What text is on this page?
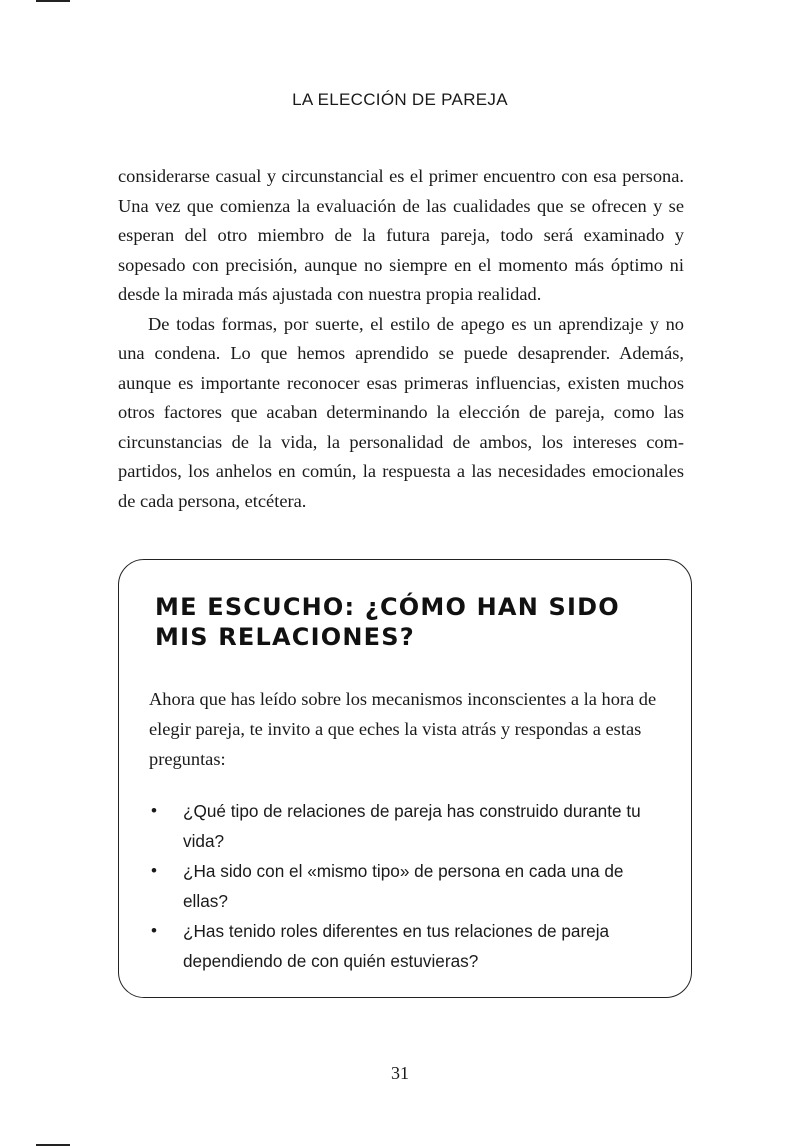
LA ELECCIÓN DE PAREJA

considerarse casual y circunstancial es el primer encuentro con esa persona. Una vez que comienza la evaluación de las cualidades que se ofrecen y se esperan del otro miembro de la futura pareja, todo será examinado y sopesado con precisión, aunque no siempre en el momento más óptimo ni desde la mirada más ajustada con nuestra propia realidad.

De todas formas, por suerte, el estilo de apego es un aprendizaje y no una condena. Lo que hemos aprendido se puede desaprender. Además, aunque es importante reconocer esas primeras influencias, existen muchos otros factores que acaban determinando la elección de pareja, como las circunstancias de la vida, la personalidad de ambos, los intereses compartidos, los anhelos en común, la respuesta a las necesidades emocionales de cada persona, etcétera.

ME ESCUCHO: ¿CÓMO HAN SIDO
MIS RELACIONES?
Ahora que has leído sobre los mecanismos inconscientes a la hora de elegir pareja, te invito a que eches la vista atrás y respondas a estas preguntas:
• ¿Qué tipo de relaciones de pareja has construido durante tu vida?
• ¿Ha sido con el «mismo tipo» de persona en cada una de ellas?
• ¿Has tenido roles diferentes en tus relaciones de pareja dependiendo de con quién estuvieras?
31
